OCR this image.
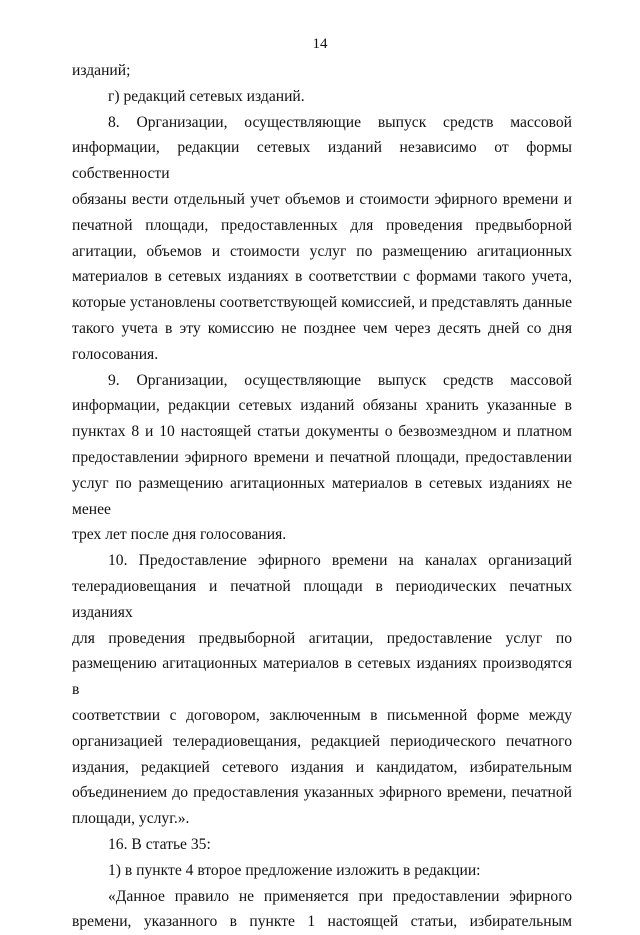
14

изданий;

г) редакций сетевых изданий.

8. Организации, осуществляющие выпуск средств массовой
информации, редакции сетевых изданий независимо от формы собственности
обязаны вести отдельный учет объемов и стоимости эфирного времени и
печатной площади, предоставленных для проведения предвыборной
агитации, объемов и стоимости услуг по размещению агитационных
материалов в сетевых изданиях в соответствии с формами такого учета,
которые установлены соответствующей комиссией, и представлять данные
такого учета в эту комиссию не позднее чем через десять дней со дня
голосования.
9. Организации, осуществляющие выпуск средств массовой
информации, редакции сетевых изданий обязаны хранить указанные в
пунктах 8 и 10 настоящей статьи документы о безвозмездном и платном
предоставлении эфирного времени и печатной площади, предоставлении
услуг по размещению агитационных материалов в сетевых изданиях не менее
трех лет после дня голосования.
10. Предоставление эфирного времени на каналах организаций
телерадиовещания и печатной площади в периодических печатных изданиях
для проведения предвыборной агитации, предоставление услуг по
размещению агитационных материалов в сетевых изданиях производятся в
соответствии с договором, заключенным в письменной форме между
организацией телерадиовещания, редакцией периодического печатного
издания, редакцией сетевого издания и кандидатом, избирательным
объединением до предоставления указанных эфирного времени, печатной
площади, услуг.».

16. В статье 35:

1) в пункте 4 второе предложение изложить в редакции:

«Данное правило не применяется при предоставлении эфирного
времени, указанного в пункте 1 настоящей статьи, избирательным
